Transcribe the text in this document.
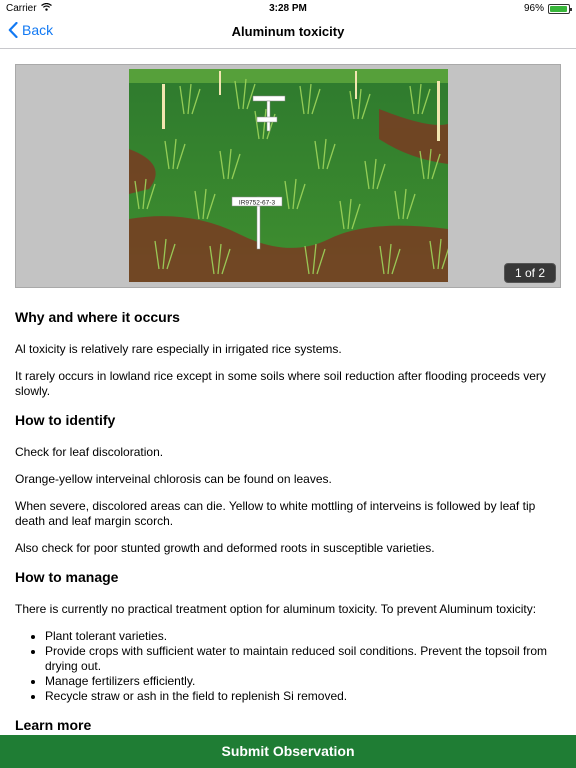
Carrier	3:28 PM	96%
Back	Aluminum toxicity
IR9752-67-3
1 of 2
Why and where it occurs

Al toxicity is relatively rare especially in irrigated rice systems.

It rarely occurs in lowland rice except in some soils where soil reduction after flooding proceeds very slowly.

How to identify

Check for leaf discoloration.

Orange-yellow interveinal chlorosis can be found on leaves.

When severe, discolored areas can die. Yellow to white mottling of interveins is followed by leaf tip death and leaf margin scorch.

Also check for poor stunted growth and deformed roots in susceptible varieties.

How to manage

There is currently no practical treatment option for aluminum toxicity. To prevent Aluminum toxicity:

• Plant tolerant varieties.
• Provide crops with sufficient water to maintain reduced soil conditions. Prevent the topsoil from drying out.
• Manage fertilizers efficiently.
• Recycle straw or ash in the field to replenish Si removed.
Learn more
Submit Observation
